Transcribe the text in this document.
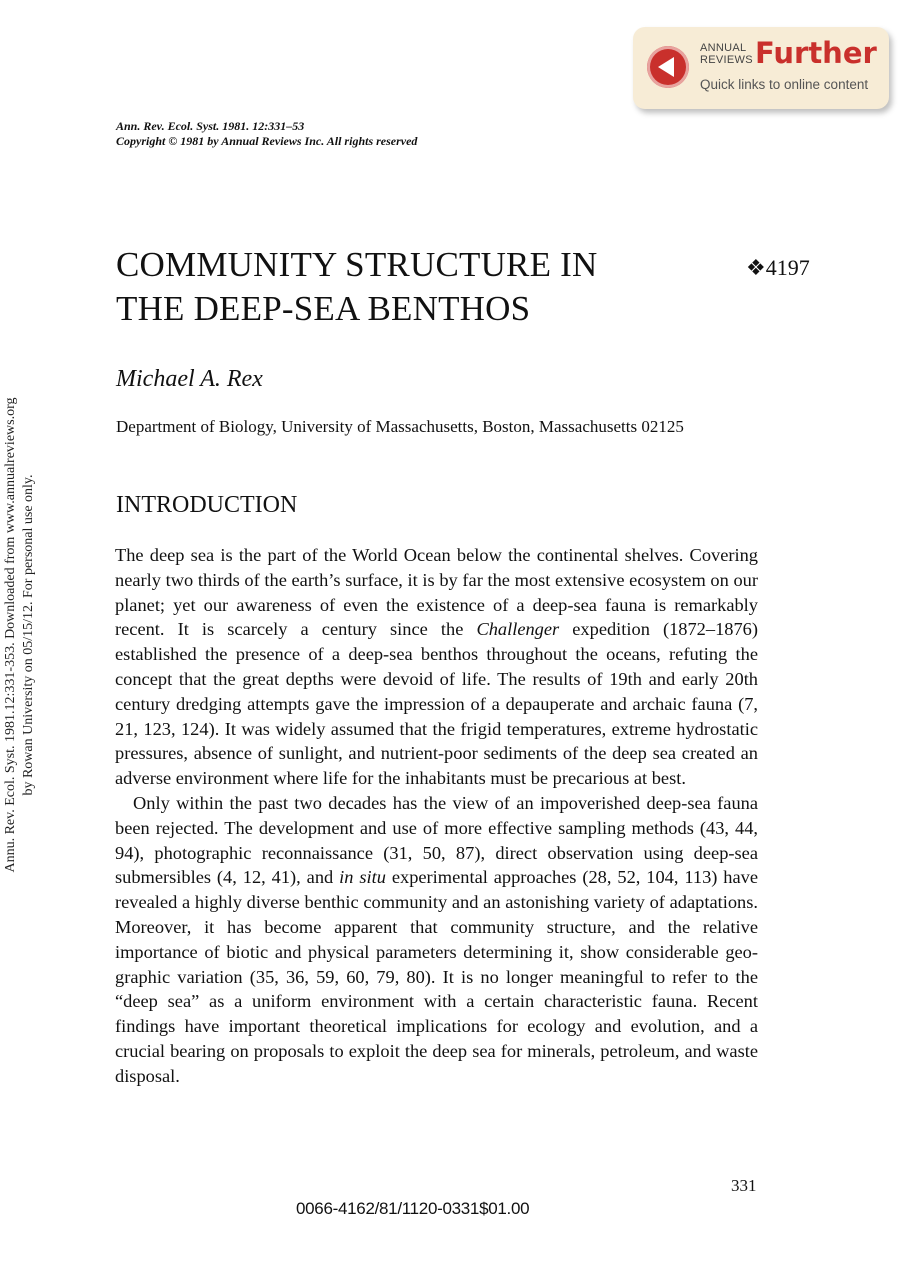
ANNUAL
REVIEWS Further
Quick links to online content
Ann. Rev. Ecol. Syst. 1981. 12:331–53
Copyright © 1981 by Annual Reviews Inc. All rights reserved
Annu. Rev. Ecol. Syst. 1981.12:331-353. Downloaded from www.annualreviews.org by Rowan University on 05/15/12. For personal use only.
COMMUNITY STRUCTURE IN
THE DEEP-SEA BENTHOS
❖4197
Michael A. Rex
Department of Biology, University of Massachusetts, Boston, Massachusetts 02125
INTRODUCTION

The deep sea is the part of the World Ocean below the continental shelves. Covering nearly two thirds of the earth’s surface, it is by far the most extensive ecosystem on our planet; yet our awareness of even the existence of a deep-sea fauna is remarkably recent. It is scarcely a century since the Challenger expedition (1872–1876) established the presence of a deep-sea benthos throughout the oceans, refuting the concept that the great depths were devoid of life. The results of 19th and early 20th century dredging attempts gave the impression of a depauperate and archaic fauna (7, 21, 123, 124). It was widely assumed that the frigid temperatures, extreme hydrostatic pressures, absence of sunlight, and nutrient-poor sediments of the deep sea created an adverse environment where life for the inhabitants must be precarious at best.

Only within the past two decades has the view of an impoverished deep-sea fauna been rejected. The development and use of more effective sampling methods (43, 44, 94), photographic reconnaissance (31, 50, 87), direct observation using deep-sea submersibles (4, 12, 41), and in situ experimental approaches (28, 52, 104, 113) have revealed a highly diverse benthic community and an astonishing variety of adaptations. Moreover, it has become apparent that community structure, and the relative importance of biotic and physical parameters determining it, show considerable geographic variation (35, 36, 59, 60, 79, 80). It is no longer meaningful to refer to the “deep sea” as a uniform environment with a certain characteristic fauna. Recent findings have important theoretical implications for ecology and evolution, and a crucial bearing on proposals to exploit the deep sea for minerals, petroleum, and waste disposal.

331
0066-4162/81/1120-0331$01.00
